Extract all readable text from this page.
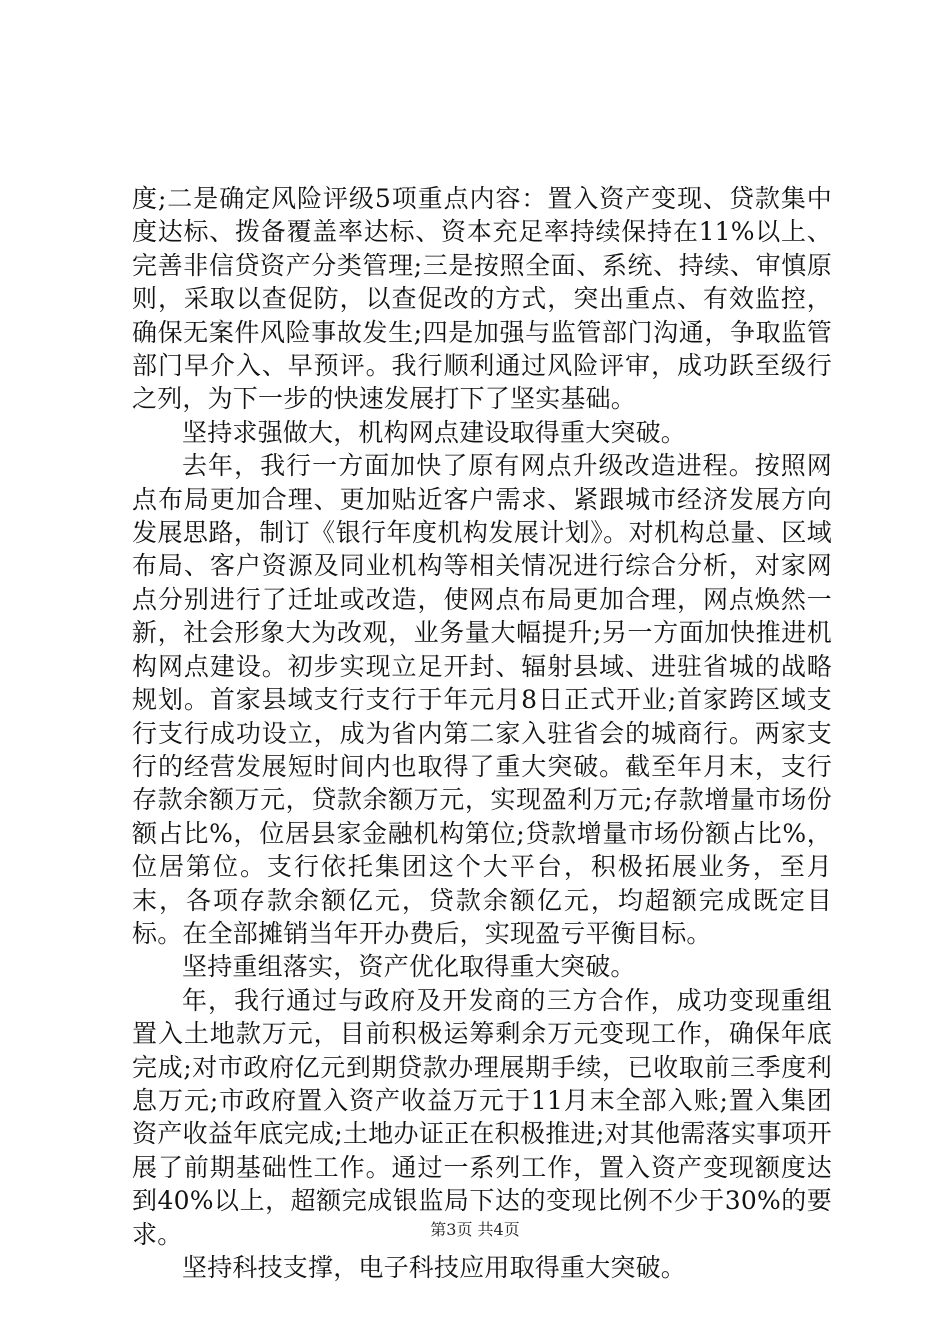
度;二是确定风险评级5项重点内容：置入资产变现、贷款集中度达标、拨备覆盖率达标、资本充足率持续保持在11%以上、完善非信贷资产分类管理;三是按照全面、系统、持续、审慎原则，采取以查促防，以查促改的方式，突出重点、有效监控，确保无案件风险事故发生;四是加强与监管部门沟通，争取监管部门早介入、早预评。我行顺利通过风险评审，成功跃至级行之列，为下一步的快速发展打下了坚实基础。

坚持求强做大，机构网点建设取得重大突破。

去年，我行一方面加快了原有网点升级改造进程。按照网点布局更加合理、更加贴近客户需求、紧跟城市经济发展方向发展思路，制订《银行年度机构发展计划》。对机构总量、区域布局、客户资源及同业机构等相关情况进行综合分析，对家网点分别进行了迁址或改造，使网点布局更加合理，网点焕然一新，社会形象大为改观，业务量大幅提升;另一方面加快推进机构网点建设。初步实现立足开封、辐射县域、进驻省城的战略规划。首家县域支行支行于年元月8日正式开业;首家跨区域支行支行成功设立，成为省内第二家入驻省会的城商行。两家支行的经营发展短时间内也取得了重大突破。截至年月末，支行存款余额万元，贷款余额万元，实现盈利万元;存款增量市场份额占比%，位居县家金融机构第位;贷款增量市场份额占比%，位居第位。支行依托集团这个大平台，积极拓展业务，至月末，各项存款余额亿元，贷款余额亿元，均超额完成既定目标。在全部摊销当年开办费后，实现盈亏平衡目标。

坚持重组落实，资产优化取得重大突破。

年，我行通过与政府及开发商的三方合作，成功变现重组置入土地款万元，目前积极运筹剩余万元变现工作，确保年底完成;对市政府亿元到期贷款办理展期手续，已收取前三季度利息万元;市政府置入资产收益万元于11月末全部入账;置入集团资产收益年底完成;土地办证正在积极推进;对其他需落实事项开展了前期基础性工作。通过一系列工作，置入资产变现额度达到40%以上，超额完成银监局下达的变现比例不少于30%的要求。

坚持科技支撑，电子科技应用取得重大突破。

第3页 共4页
